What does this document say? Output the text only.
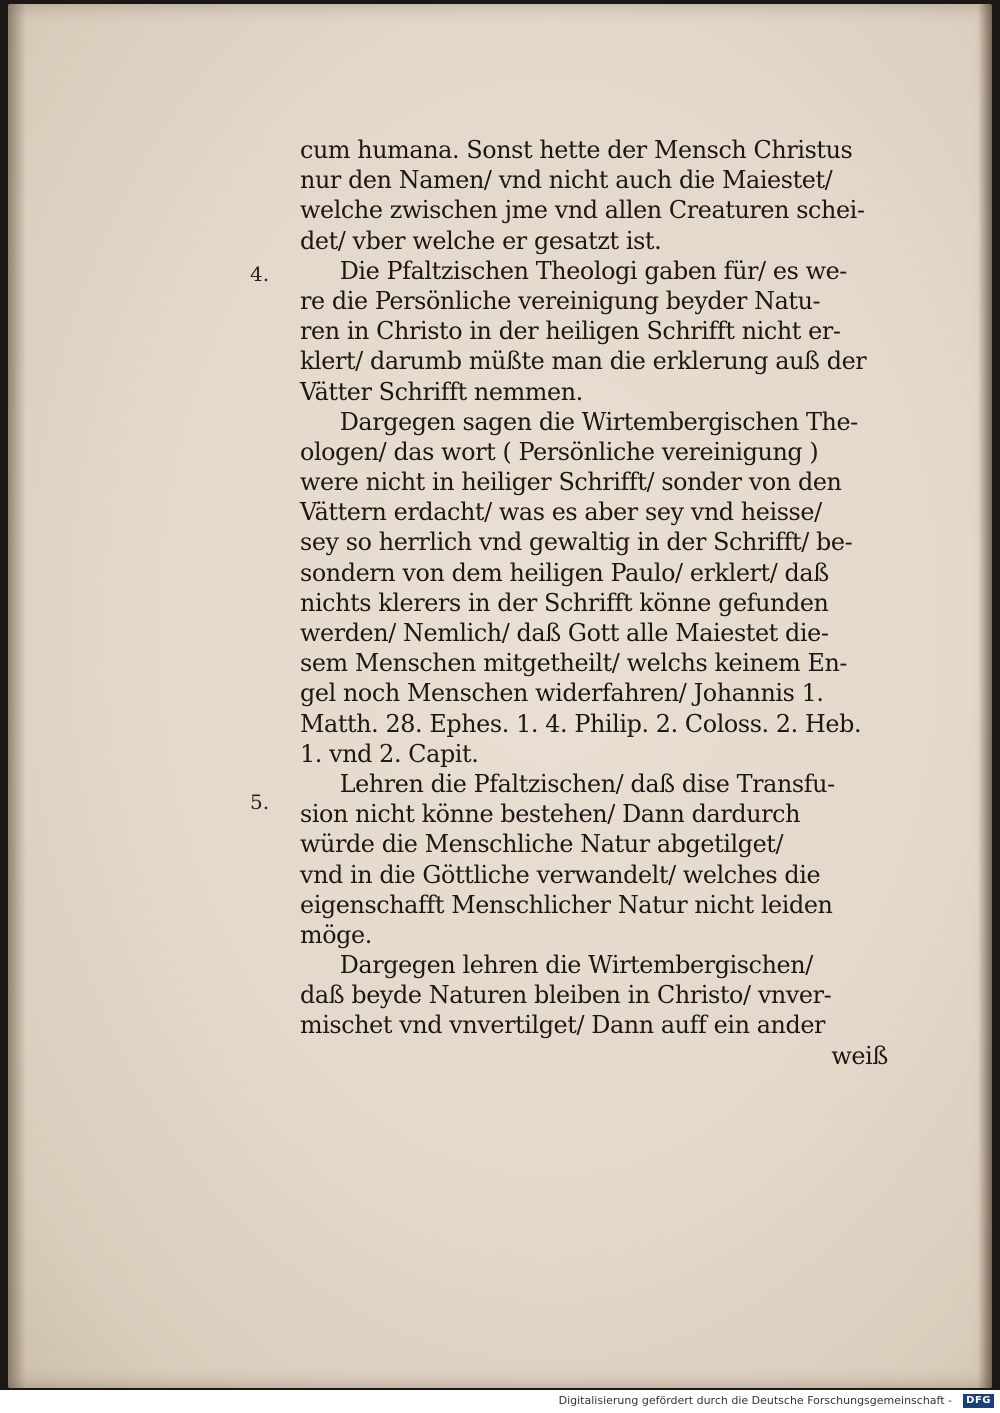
4.
5.
cum humana. Sonst hette der Mensch Christus
nur den Namen/ vnd nicht auch die Maiestet/
welche zwischen jme vnd allen Creaturen schei-
det/ vber welche er gesatzt ist.
Die Pfaltzischen Theologi gaben für/ es we-
re die Persönliche vereinigung beyder Natu-
ren in Christo in der heiligen Schrifft nicht er-
klert/ darumb müßte man die erklerung auß der
Vätter Schrifft nemmen.
Dargegen sagen die Wirtembergischen The-
ologen/ das wort ( Persönliche vereinigung )
were nicht in heiliger Schrifft/ sonder von den
Vättern erdacht/ was es aber sey vnd heisse/
sey so herrlich vnd gewaltig in der Schrifft/ be-
sondern von dem heiligen Paulo/ erklert/ daß
nichts klerers in der Schrifft könne gefunden
werden/ Nemlich/ daß Gott alle Maiestet die-
sem Menschen mitgetheilt/ welchs keinem En-
gel noch Menschen widerfahren/ Johannis 1.
Matth. 28. Ephes. 1. 4. Philip. 2. Coloss. 2. Heb.
1. vnd 2. Capit.
Lehren die Pfaltzischen/ daß dise Transfu-
sion nicht könne bestehen/ Dann dardurch
würde die Menschliche Natur abgetilget/
vnd in die Göttliche verwandelt/ welches die
eigenschafft Menschlicher Natur nicht leiden
möge.
Dargegen lehren die Wirtembergischen/
daß beyde Naturen bleiben in Christo/ vnver-
mischet vnd vnvertilget/ Dann auff ein ander
weiß
Digitalisierung gefördert durch die Deutsche Forschungsgemeinschaft -	DFG
